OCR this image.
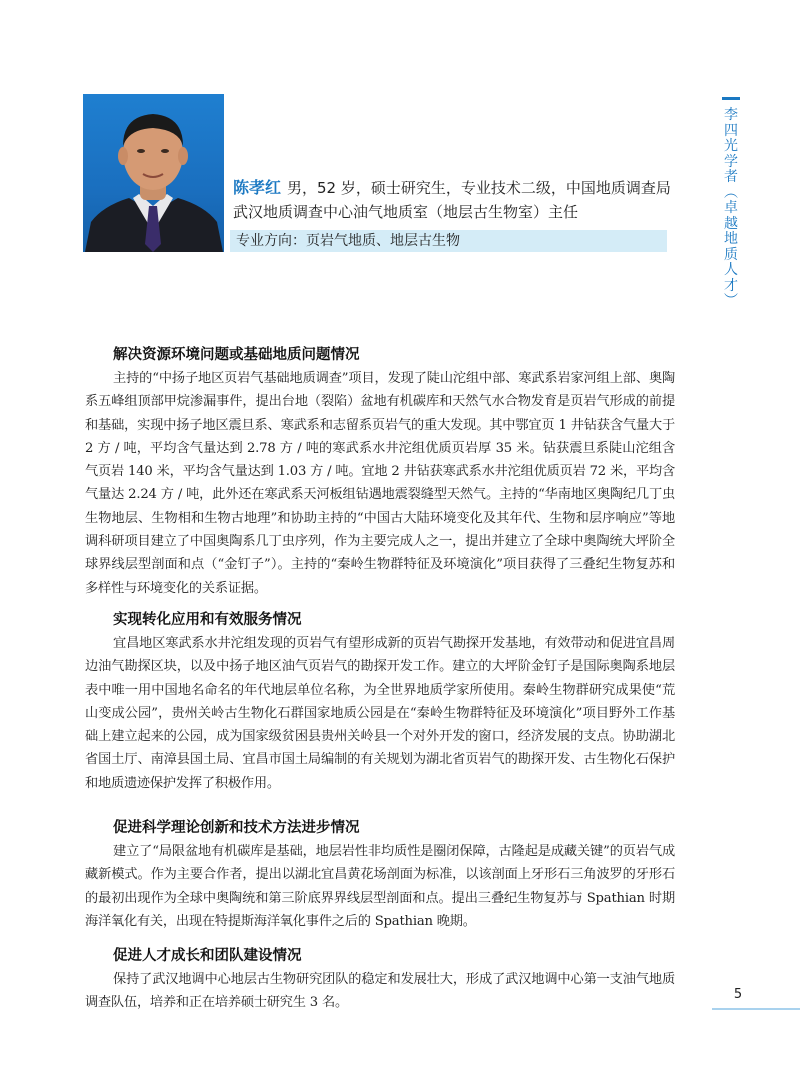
陈孝红 男，52 岁，硕士研究生，专业技术二级，中国地质调查局武汉地质调查中心油气地质室（地层古生物室）主任
专业方向：页岩气地质、地层古生物
李
四
光
学
者
︵
卓
越
地
质
人
才
︶
解决资源环境问题或基础地质问题情况

主持的“中扬子地区页岩气基础地质调查”项目，发现了陡山沱组中部、寒武系岩家河组上部、奥陶系五峰组顶部甲烷渗漏事件，提出台地（裂陷）盆地有机碳库和天然气水合物发育是页岩气形成的前提和基础，实现中扬子地区震旦系、寒武系和志留系页岩气的重大发现。其中鄂宜页 1 井钻获含气量大于 2 方 / 吨，平均含气量达到 2.78 方 / 吨的寒武系水井沱组优质页岩厚 35 米。钻获震旦系陡山沱组含气页岩 140 米，平均含气量达到 1.03 方 / 吨。宜地 2 井钻获寒武系水井沱组优质页岩 72 米，平均含气量达 2.24 方 / 吨，此外还在寒武系天河板组钻遇地震裂缝型天然气。主持的“华南地区奥陶纪几丁虫生物地层、生物相和生物古地理”和协助主持的“中国古大陆环境变化及其年代、生物和层序响应”等地调科研项目建立了中国奥陶系几丁虫序列，作为主要完成人之一，提出并建立了全球中奥陶统大坪阶全球界线层型剖面和点（“金钉子”）。主持的“秦岭生物群特征及环境演化”项目获得了三叠纪生物复苏和多样性与环境变化的关系证据。

实现转化应用和有效服务情况

宜昌地区寒武系水井沱组发现的页岩气有望形成新的页岩气勘探开发基地，有效带动和促进宜昌周边油气勘探区块，以及中扬子地区油气页岩气的勘探开发工作。建立的大坪阶金钉子是国际奥陶系地层表中唯一用中国地名命名的年代地层单位名称，为全世界地质学家所使用。秦岭生物群研究成果使“荒山变成公园”，贵州关岭古生物化石群国家地质公园是在“秦岭生物群特征及环境演化”项目野外工作基础上建立起来的公园，成为国家级贫困县贵州关岭县一个对外开发的窗口，经济发展的支点。协助湖北省国土厅、南漳县国土局、宜昌市国土局编制的有关规划为湖北省页岩气的勘探开发、古生物化石保护和地质遗迹保护发挥了积极作用。

促进科学理论创新和技术方法进步情况

建立了“局限盆地有机碳库是基础，地层岩性非均质性是圈闭保障，古隆起是成藏关键”的页岩气成藏新模式。作为主要合作者，提出以湖北宜昌黄花场剖面为标准，以该剖面上牙形石三角波罗的牙形石的最初出现作为全球中奥陶统和第三阶底界界线层型剖面和点。提出三叠纪生物复苏与 Spathian 时期海洋氧化有关，出现在特提斯海洋氧化事件之后的 Spathian 晚期。

促进人才成长和团队建设情况

保持了武汉地调中心地层古生物研究团队的稳定和发展壮大，形成了武汉地调中心第一支油气地质调查队伍，培养和正在培养硕士研究生 3 名。

5
